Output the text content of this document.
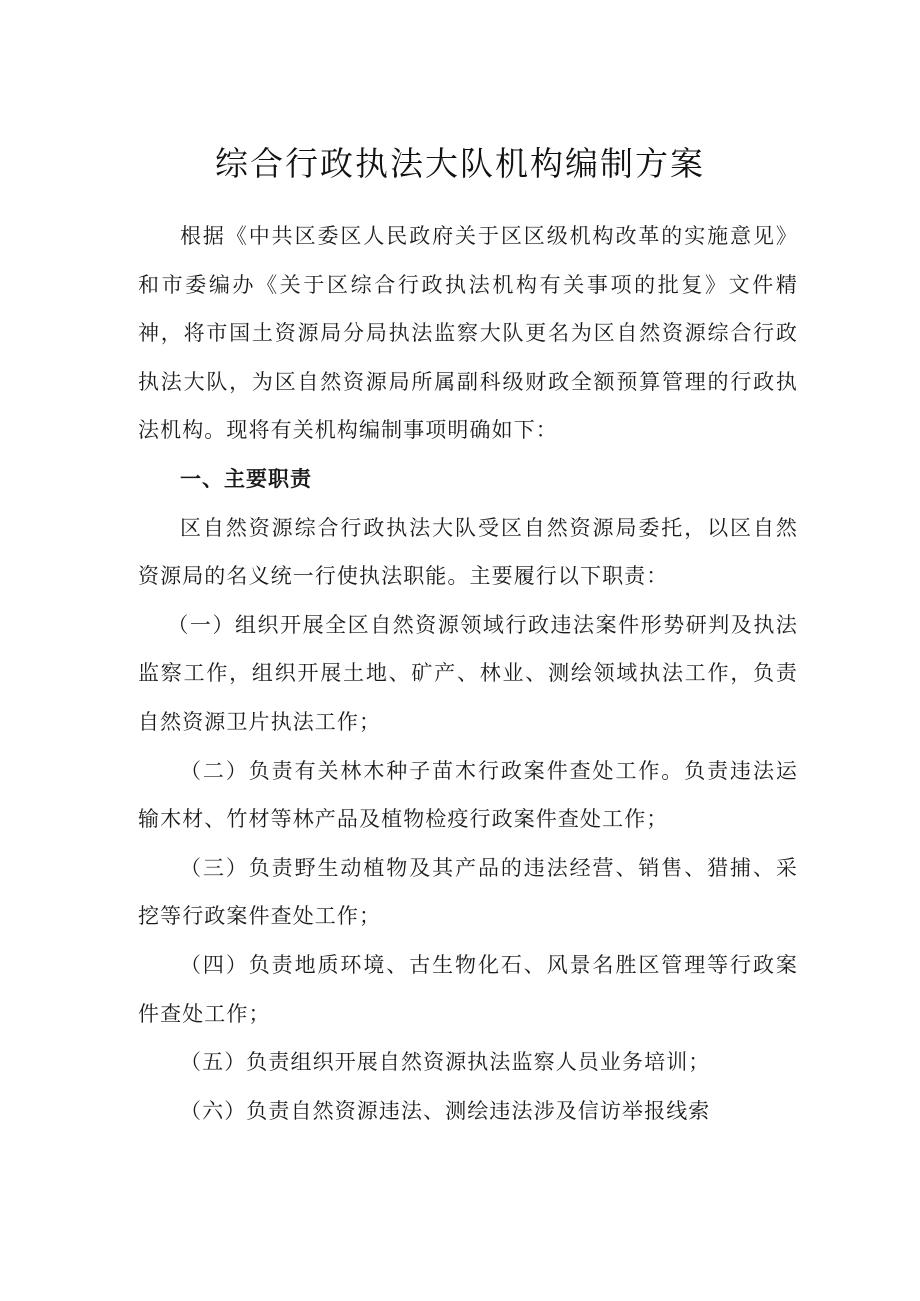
综合行政执法大队机构编制方案

根据《中共区委区人民政府关于区区级机构改革的实施意见》和市委编办《关于区综合行政执法机构有关事项的批复》文件精神，将市国土资源局分局执法监察大队更名为区自然资源综合行政执法大队，为区自然资源局所属副科级财政全额预算管理的行政执法机构。现将有关机构编制事项明确如下：

一、主要职责

区自然资源综合行政执法大队受区自然资源局委托，以区自然资源局的名义统一行使执法职能。主要履行以下职责：

（一）组织开展全区自然资源领域行政违法案件形势研判及执法监察工作，组织开展土地、矿产、林业、测绘领域执法工作，负责自然资源卫片执法工作；

（二）负责有关林木种子苗木行政案件查处工作。负责违法运输木材、竹材等林产品及植物检疫行政案件查处工作；

（三）负责野生动植物及其产品的违法经营、销售、猎捕、采挖等行政案件查处工作；

（四）负责地质环境、古生物化石、风景名胜区管理等行政案件查处工作；

（五）负责组织开展自然资源执法监察人员业务培训；

（六）负责自然资源违法、测绘违法涉及信访举报线索
